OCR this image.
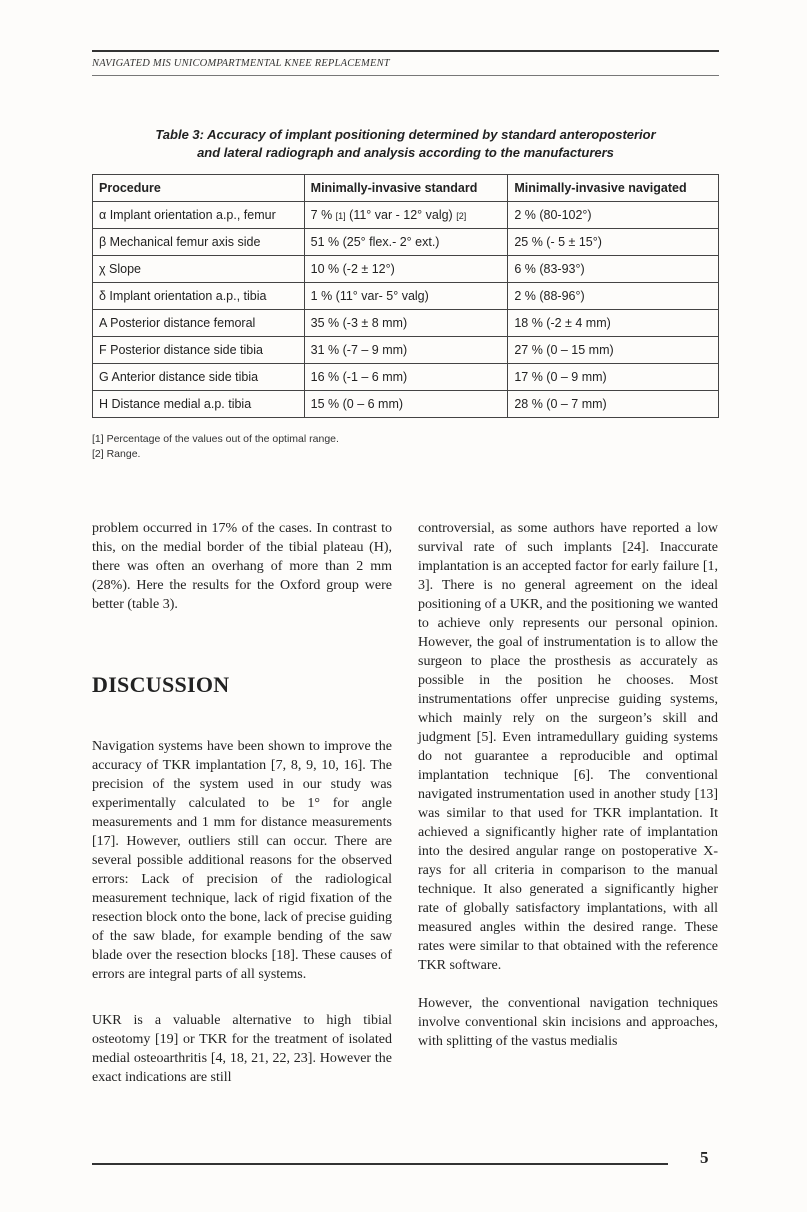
NAVIGATED MIS UNICOMPARTMENTAL KNEE REPLACEMENT
Table 3: Accuracy of implant positioning determined by standard anteroposterior
and lateral radiograph and analysis according to the manufacturers
Procedure	Minimally-invasive standard	Minimally-invasive navigated
α Implant orientation a.p., femur	7 % [1] (11° var - 12° valg) [2]	2 % (80-102°)
β Mechanical femur axis side	51 % (25° flex.- 2° ext.)	25 % (- 5 ± 15°)
χ Slope	10 % (-2 ± 12°)	6 % (83-93°)
δ Implant orientation a.p., tibia	1 % (11° var- 5° valg)	2 % (88-96°)
A Posterior distance femoral	35 % (-3 ± 8 mm)	18 % (-2 ± 4 mm)
F Posterior distance side tibia	31 % (-7 – 9 mm)	27 % (0 – 15 mm)
G Anterior distance side tibia	16 % (-1 – 6 mm)	17 % (0 – 9 mm)
H Distance medial a.p. tibia	15 % (0 – 6 mm)	28 % (0 – 7 mm)
[1] Percentage of the values out of the optimal range.
[2] Range.

problem occurred in 17% of the cases. In contrast to this, on the medial border of the tibial plateau (H), there was often an overhang of more than 2 mm (28%). Here the results for the Oxford group were better (table 3).

DISCUSSION

Navigation systems have been shown to improve the accuracy of TKR implantation [7, 8, 9, 10, 16]. The precision of the system used in our study was experimentally calculated to be 1° for angle measurements and 1 mm for distance measurements [17]. However, outliers still can occur. There are several possible additional reasons for the observed errors: Lack of precision of the radiological measurement technique, lack of rigid fixation of the resection block onto the bone, lack of precise guiding of the saw blade, for example bending of the saw blade over the resection blocks [18]. These causes of errors are integral parts of all systems.

UKR is a valuable alternative to high tibial osteotomy [19] or TKR for the treatment of isolated medial osteoarthritis [4, 18, 21, 22, 23]. However the exact indications are still

controversial, as some authors have reported a low survival rate of such implants [24]. Inaccurate implantation is an accepted factor for early failure [1, 3]. There is no general agreement on the ideal positioning of a UKR, and the positioning we wanted to achieve only represents our personal opinion. However, the goal of instrumentation is to allow the surgeon to place the prosthesis as accurately as possible in the position he chooses. Most instrumentations offer unprecise guiding systems, which mainly rely on the surgeon’s skill and judgment [5]. Even intramedullary guiding systems do not guarantee a reproducible and optimal implantation technique [6]. The conventional navigated instrumentation used in another study [13] was similar to that used for TKR implantation. It achieved a significantly higher rate of implantation into the desired angular range on postoperative X-rays for all criteria in comparison to the manual technique. It also generated a significantly higher rate of globally satisfactory implantations, with all measured angles within the desired range. These rates were similar to that obtained with the reference TKR software.

However, the conventional navigation techniques involve conventional skin incisions and approaches, with splitting of the vastus medialis

5
